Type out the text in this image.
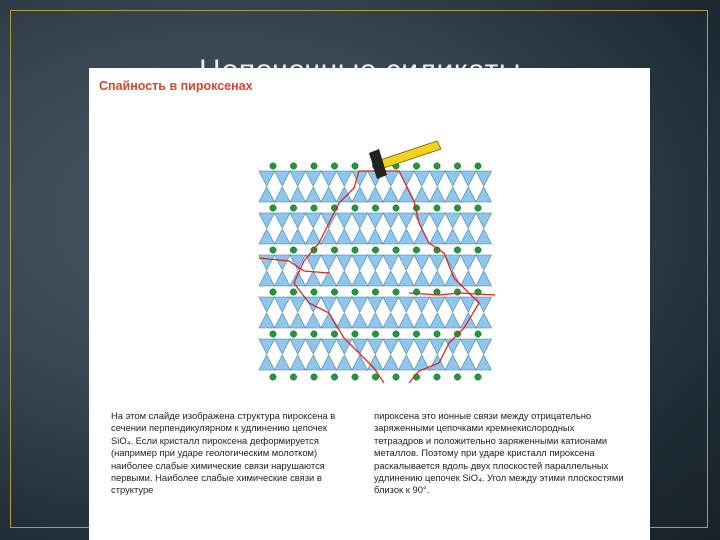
Спайность в пироксенах

На этом слайде изображена структура пироксена в сечении перпендикулярном к удлинению цепочек SiO₄. Если кристалл пироксена деформируется (например при ударе геологическим молотком) наиболее слабые химические связи нарушаются первыми. Наиболее слабые химические связи в структуре

пироксена это ионные связи между отрицательно заряженными цепочками кремнекислородных тетраэдров и положительно заряженными катионами металлов. Поэтому при ударе кристалл пироксена раскалывается вдоль двух плоскостей параллельных удлинению цепочек SiO₄. Угол между этими плоскостями близок к 90°.
